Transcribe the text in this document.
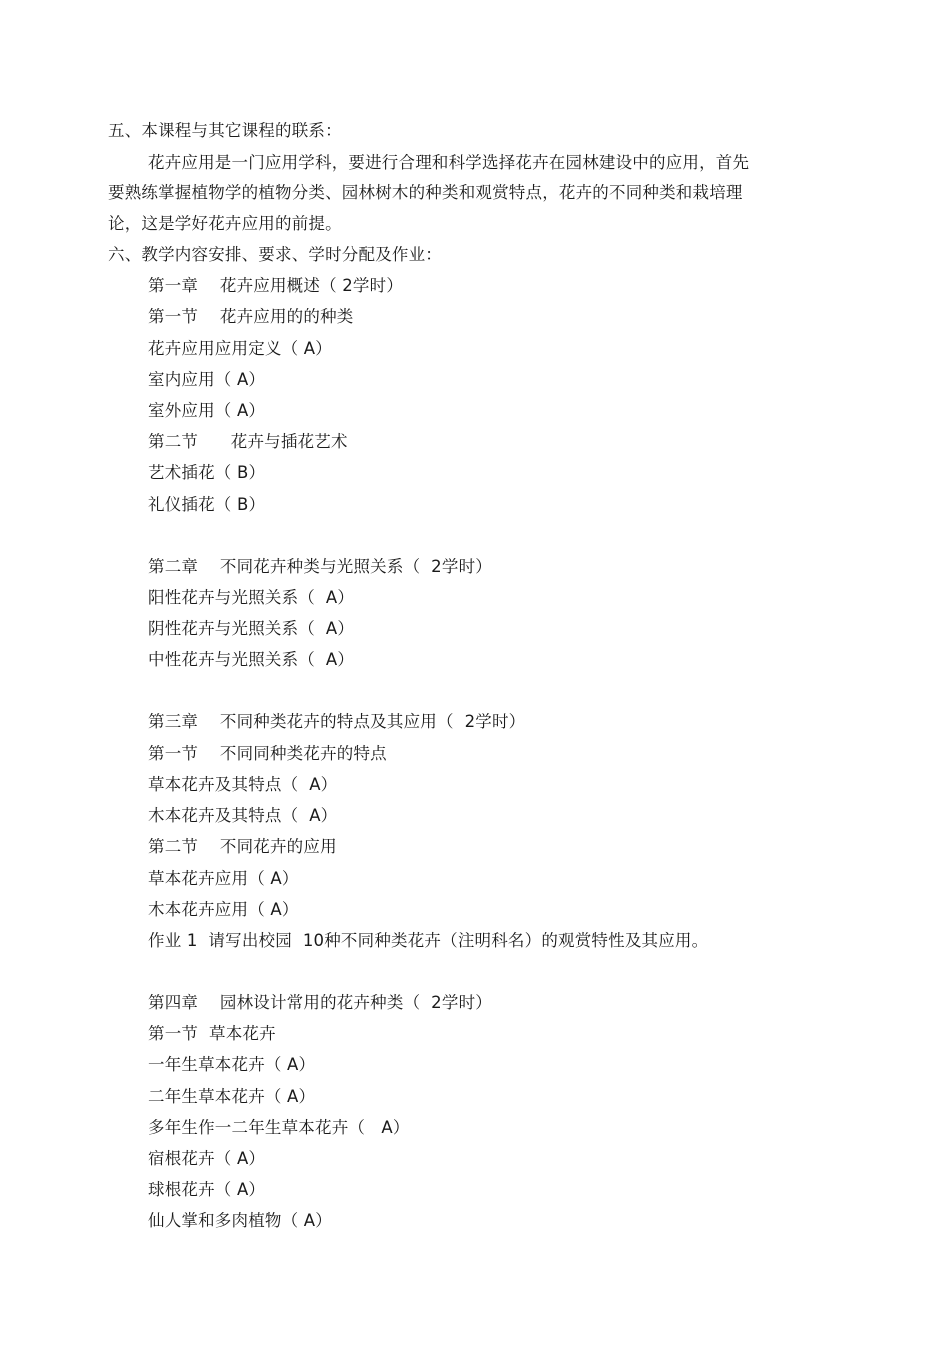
五、本课程与其它课程的联系：
花卉应用是一门应用学科，要进行合理和科学选择花卉在园林建设中的应用，首先
要熟练掌握植物学的植物分类、园林树木的种类和观赏特点，花卉的不同种类和栽培理
论，这是学好花卉应用的前提。
六、教学内容安排、要求、学时分配及作业：
第一章    花卉应用概述（ 2学时）
第一节    花卉应用的的种类
花卉应用应用定义（ A）
室内应用（ A）
室外应用（ A）
第二节      花卉与插花艺术
艺术插花（ B）
礼仪插花（ B）
第二章    不同花卉种类与光照关系（  2学时）
阳性花卉与光照关系（  A）
阴性花卉与光照关系（  A）
中性花卉与光照关系（  A）
第三章    不同种类花卉的特点及其应用（  2学时）
第一节    不同同种类花卉的特点
草本花卉及其特点（  A）
木本花卉及其特点（  A）
第二节    不同花卉的应用
草本花卉应用（ A）
木本花卉应用（ A）
作业 1  请写出校园  10种不同种类花卉（注明科名）的观赏特性及其应用。
第四章    园林设计常用的花卉种类（  2学时）
第一节  草本花卉
一年生草本花卉（ A）
二年生草本花卉（ A）
多年生作一二年生草本花卉（   A）
宿根花卉（ A）
球根花卉（ A）
仙人掌和多肉植物（ A）
